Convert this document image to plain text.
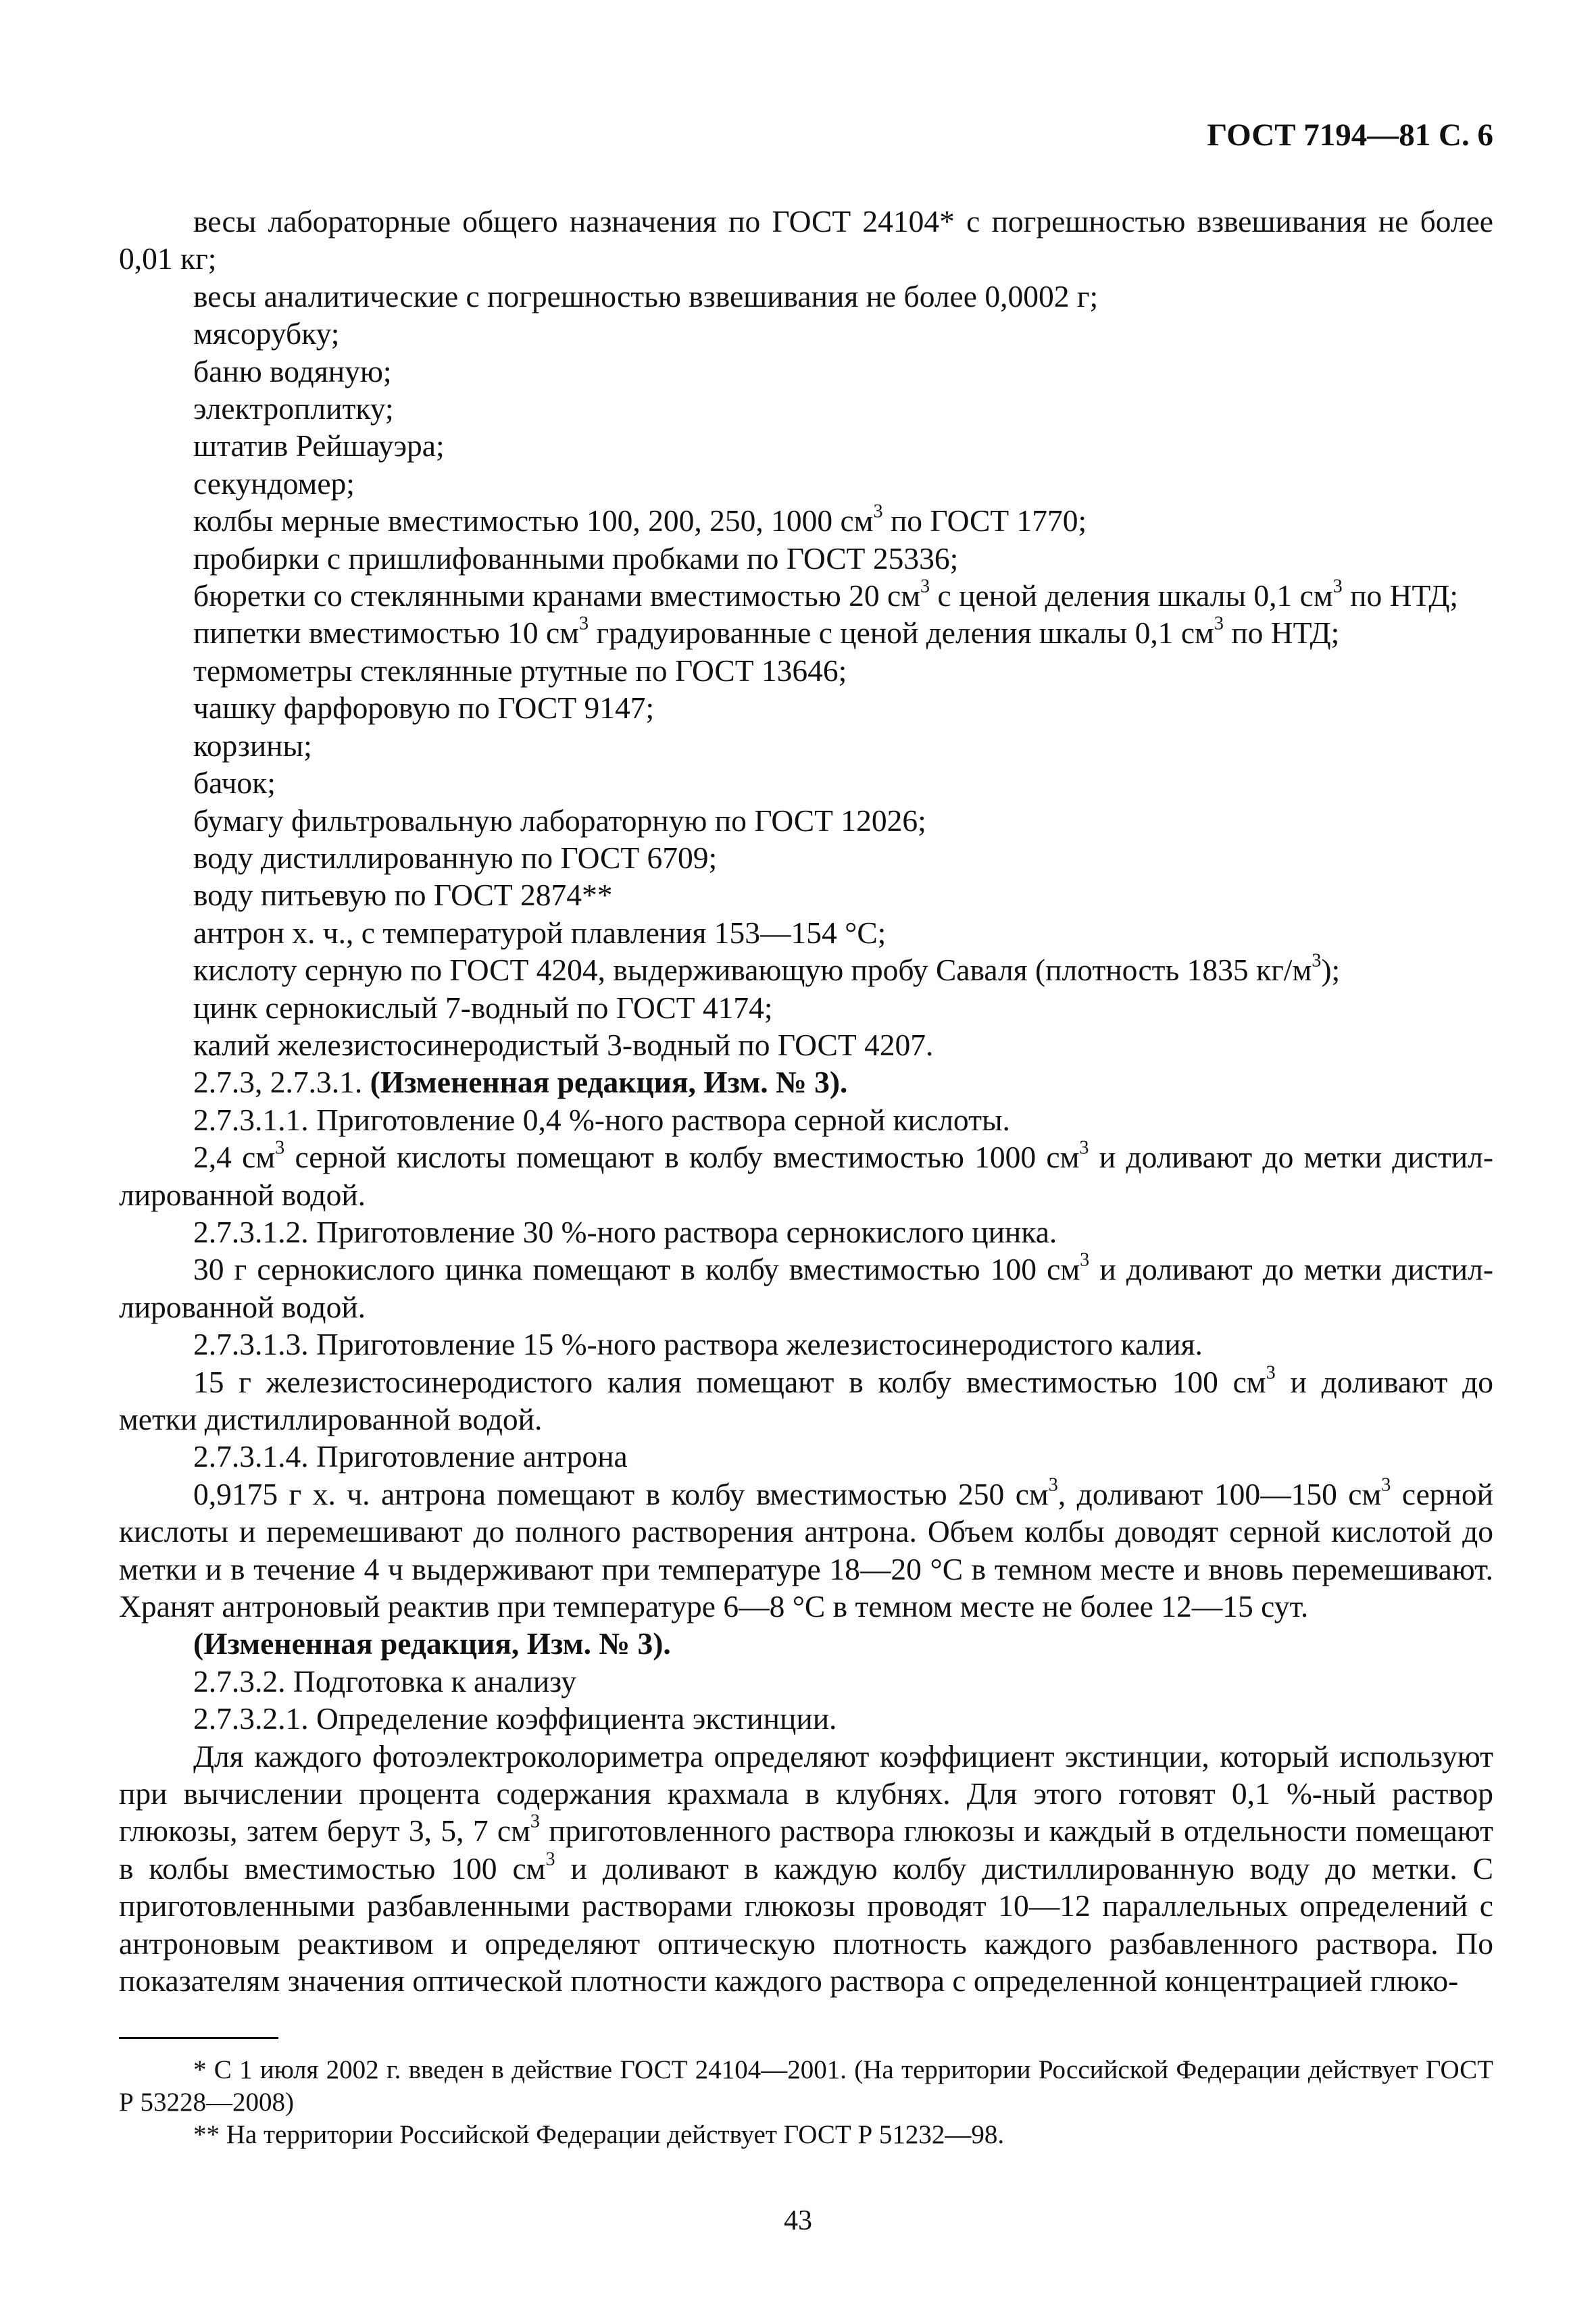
ГОСТ 7194—81 С. 6

весы лабораторные общего назначения по ГОСТ 24104* с погрешностью взвешивания не более 0,01 кг;

весы аналитические с погрешностью взвешивания не более 0,0002 г;

мясорубку;

баню водяную;

электроплитку;

штатив Рейшауэра;

секундомер;

колбы мерные вместимостью 100, 200, 250, 1000 $см^3$ по ГОСТ 1770;

пробирки с пришлифованными пробками по ГОСТ 25336;

бюретки со стеклянными кранами вместимостью 20 $см^3$ с ценой деления шкалы 0,1 $см^3$ по НТД;

пипетки вместимостью 10 $см^3$ градуированные с ценой деления шкалы 0,1 $см^3$ по НТД;

термометры стеклянные ртутные по ГОСТ 13646;

чашку фарфоровую по ГОСТ 9147;

корзины;

бачок;

бумагу фильтровальную лабораторную по ГОСТ 12026;

воду дистиллированную по ГОСТ 6709;

воду питьевую по ГОСТ 2874**

антрон х. ч., с температурой плавления 153—154 °С;

кислоту серную по ГОСТ 4204, выдерживающую пробу Саваля (плотность 1835 $кг/м^3$);

цинк сернокислый 7-водный по ГОСТ 4174;

калий железистосинеродистый 3-водный по ГОСТ 4207.

2.7.3, 2.7.3.1. (Измененная редакция, Изм. № 3).

2.7.3.1.1. Приготовление 0,4 %-ного раствора серной кислоты.

2,4 $см^3$ серной кислоты помещают в колбу вместимостью 1000 $см^3$ и доливают до метки дистиллированной водой.

2.7.3.1.2. Приготовление 30 %-ного раствора сернокислого цинка.

30 г сернокислого цинка помещают в колбу вместимостью 100 $см^3$ и доливают до метки дистиллированной водой.

2.7.3.1.3. Приготовление 15 %-ного раствора железистосинеродистого калия.

15 г железистосинеродистого калия помещают в колбу вместимостью 100 $см^3$ и доливают до метки дистиллированной водой.

2.7.3.1.4. Приготовление антрона

0,9175 г х. ч. антрона помещают в колбу вместимостью 250 $см^3$, доливают 100—150 $см^3$ серной кислоты и перемешивают до полного растворения антрона. Объем колбы доводят серной кислотой до метки и в течение 4 ч выдерживают при температуре 18—20 °С в темном месте и вновь перемешивают. Хранят антроновый реактив при температуре 6—8 °С в темном месте не более 12—15 сут.

(Измененная редакция, Изм. № 3).

2.7.3.2. Подготовка к анализу

2.7.3.2.1. Определение коэффициента экстинции.

Для каждого фотоэлектроколориметра определяют коэффициент экстинции, который используют при вычислении процента содержания крахмала в клубнях. Для этого готовят 0,1 %-ный раствор глюкозы, затем берут 3, 5, 7 $см^3$ приготовленного раствора глюкозы и каждый в отдельности помещают в колбы вместимостью 100 $см^3$ и доливают в каждую колбу дистиллированную воду до метки. С приготовленными разбавленными растворами глюкозы проводят 10—12 параллельных определений с антроновым реактивом и определяют оптическую плотность каждого разбавленного раствора. По показателям значения оптической плотности каждого раствора с определенной концентрацией глюко-

* С 1 июля 2002 г. введен в действие ГОСТ 24104—2001. (На территории Российской Федерации действует ГОСТ Р 53228—2008)

** На территории Российской Федерации действует ГОСТ Р 51232—98.

43
